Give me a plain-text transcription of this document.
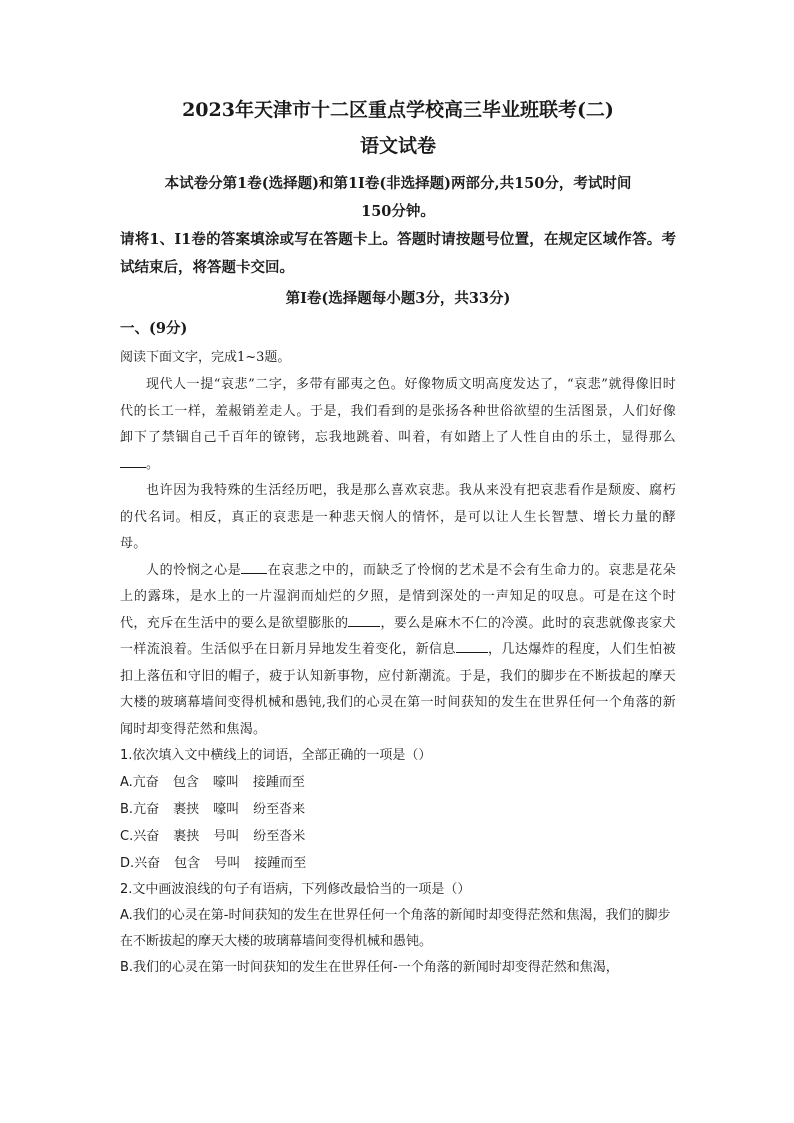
2023年天津市十二区重点学校高三毕业班联考(二)
语文试卷

本试卷分第1卷(选择题)和第1I卷(非选择题)两部分,共150分，考试时间

150分钟。

请将1、I1卷的答案填涂或写在答题卡上。答题时请按题号位置，在规定区域作答。考试结束后，将答题卡交回。

第I卷(选择题每小题3分，共33分)

一、(9分)

阅读下面文字，完成1~3题。

现代人一提“哀悲”二字，多带有鄙夷之色。好像物质文明高度发达了，“哀悲”就得像旧时代的长工一样，羞赧销差走人。于是，我们看到的是张扬各种世俗欲望的生活图景，人们好像卸下了禁锢自己千百年的镣铐，忘我地跳着、叫着，有如踏上了人性自由的乐土，显得那么。

也许因为我特殊的生活经历吧，我是那么喜欢哀悲。我从来没有把哀悲看作是颓废、腐朽的代名词。相反，真正的哀悲是一种悲天悯人的情怀，是可以让人生长智慧、增长力量的酵母。

人的怜悯之心是 在哀悲之中的，而缺乏了怜悯的艺术是不会有生命力的。哀悲是花朵上的露珠，是水上的一片湿润而灿烂的夕照，是情到深处的一声知足的叹息。可是在这个时代，充斥在生活中的要么是欲望膨胀的 ，要么是麻木不仁的冷漠。此时的哀悲就像丧家犬一样流浪着。生活似乎在日新月异地发生着变化，新信息 ，几达爆炸的程度，人们生怕被扣上落伍和守旧的帽子，疲于认知新事物，应付新潮流。于是，我们的脚步在不断拔起的摩天大楼的玻璃幕墙间变得机械和愚钝,我们的心灵在第一时间获知的发生在世界任何一个角落的新闻时却变得茫然和焦渴。

1.依次填入文中横线上的词语，全部正确的一项是（）

A.亢奋 包含 嚎叫 接踵而至

B.亢奋 裹挟 嚎叫 纷至沓来

C.兴奋 裹挟 号叫 纷至沓米

D.兴奋 包含 号叫 接踵而至

2.文中画波浪线的句子有语病，下列修改最恰当的一项是（）

A.我们的心灵在第-时间获知的发生在世界任何一个角落的新闻时却变得茫然和焦渴，我们的脚步在不断拔起的摩天大楼的玻璃幕墙间变得机械和愚钝。

B.我们的心灵在第一时间获知的发生在世界任何-一个角落的新闻时却变得茫然和焦渴，
